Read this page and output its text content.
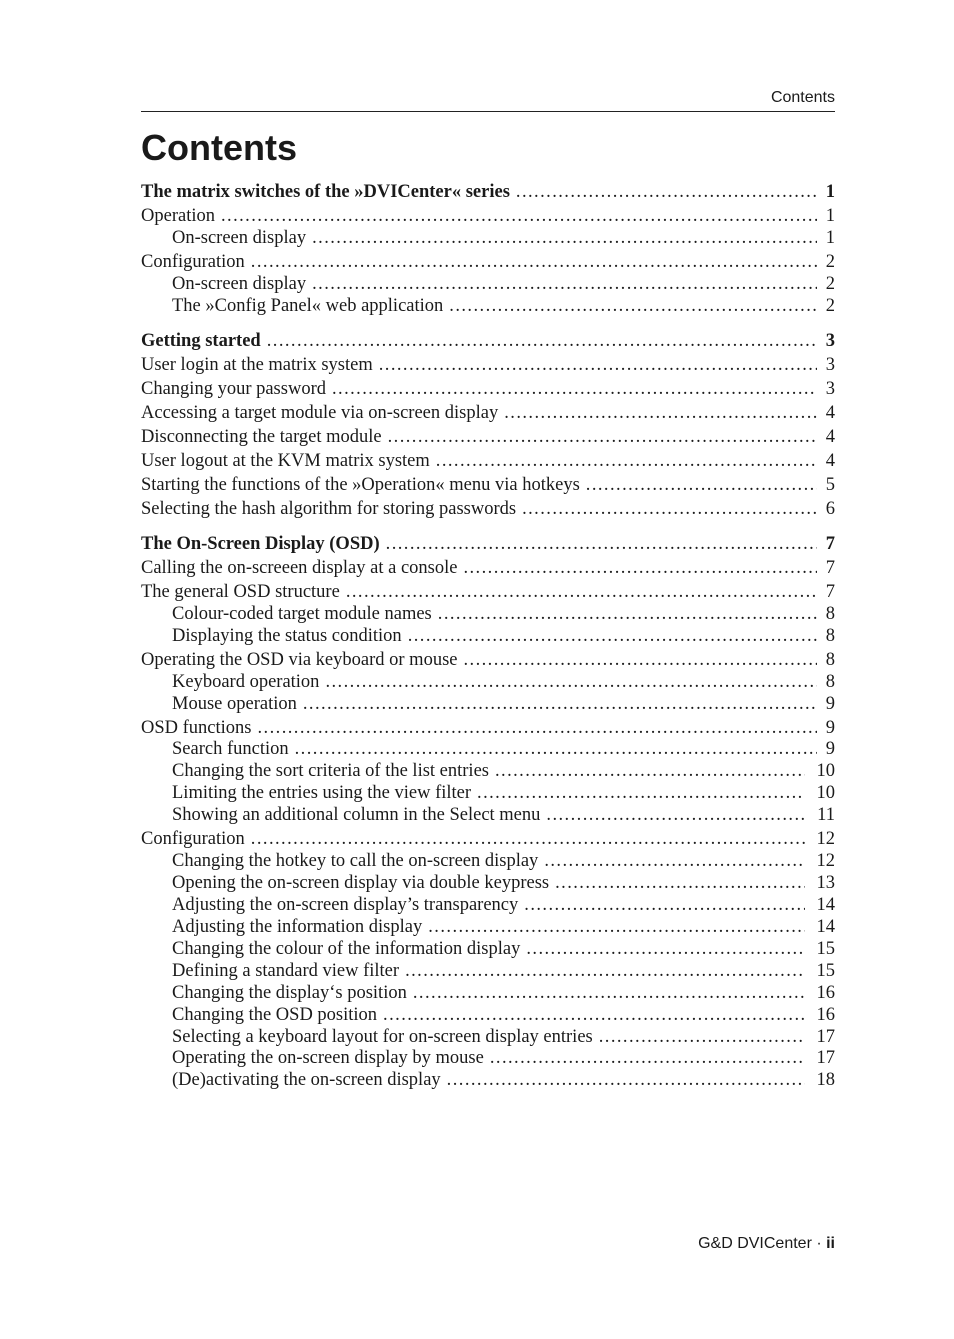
Contents
Contents
The matrix switches of the »DVICenter« series . . .	1
Operation . . .	1
On-screen display . . .	1
Configuration . . .	2
On-screen display . . .	2
The »Config Panel« web application . . .	2
Getting started . . .	3
User login at the matrix system . . .	3
Changing your password . . .	3
Accessing a target module via on-screen display . . .	4
Disconnecting the target module . . .	4
User logout at the KVM matrix system . . .	4
Starting the functions of the »Operation« menu via hotkeys . . .	5
Selecting the hash algorithm for storing passwords . . .	6
The On-Screen Display (OSD) . . .	7
Calling the on-screeen display at a console . . .	7
The general OSD structure . . .	7
Colour-coded target module names . . .	8
Displaying the status condition . . .	8
Operating the OSD via keyboard or mouse . . .	8
Keyboard operation . . .	8
Mouse operation . . .	9
OSD functions . . .	9
Search function . . .	9
Changing the sort criteria of the list entries . . .	10
Limiting the entries using the view filter . . .	10
Showing an additional column in the Select menu . . .	11
Configuration . . .	12
Changing the hotkey to call the on-screen display . . .	12
Opening the on-screen display via double keypress . . .	13
Adjusting the on-screen display’s transparency . . .	14
Adjusting the information display . . .	14
Changing the colour of the information display . . .	15
Defining a standard view filter . . .	15
Changing the display‘s position . . .	16
Changing the OSD position . . .	16
Selecting a keyboard layout for on-screen display entries . . .	17
Operating the on-screen display by mouse . . .	17
(De)activating the on-screen display . . .	18
G&D DVICenter · ii
